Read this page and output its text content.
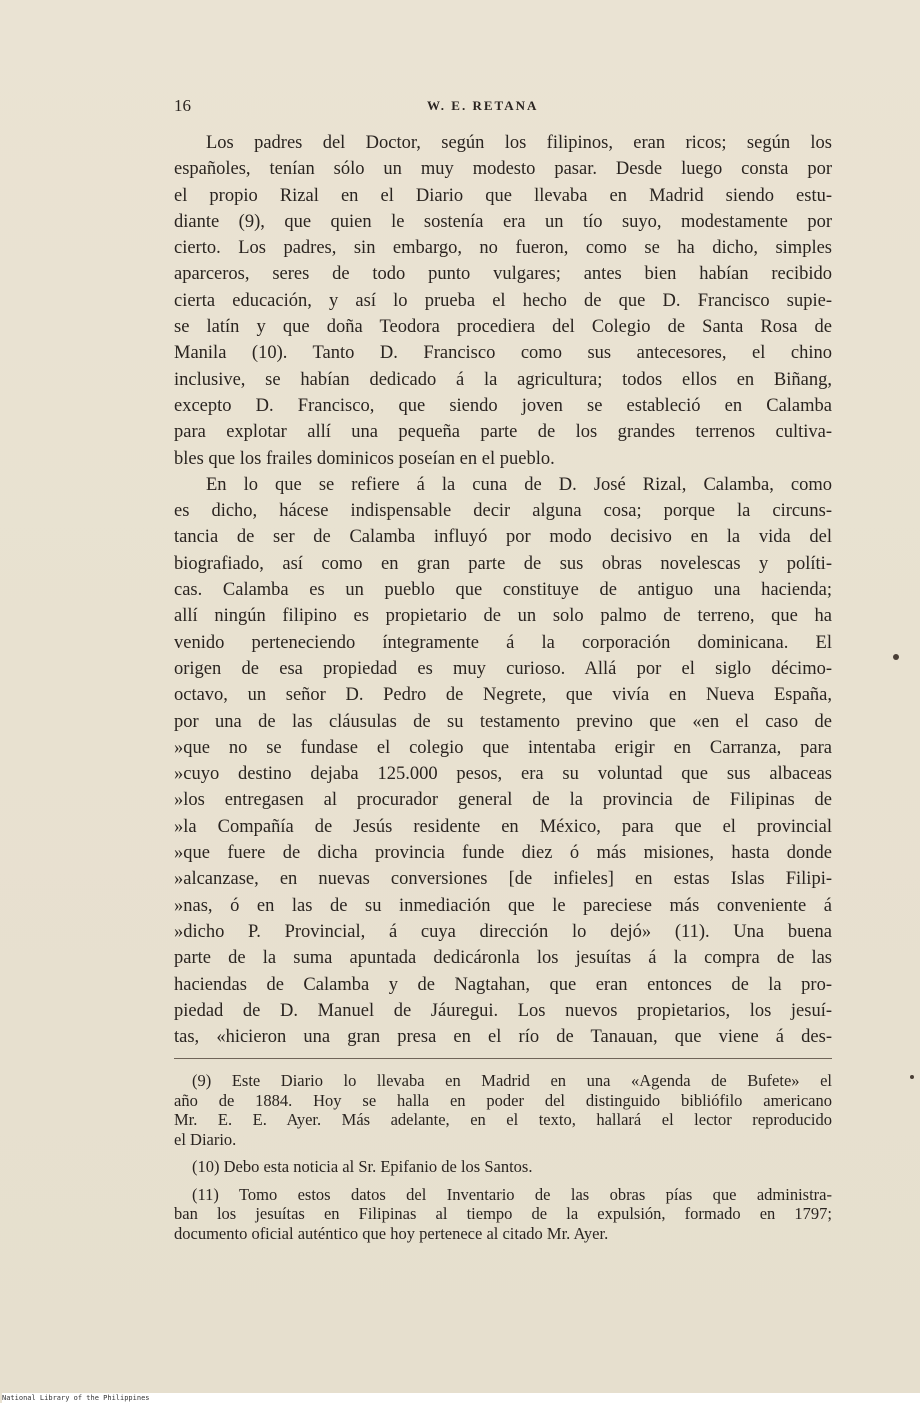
16	W. E. RETANA
Los padres del Doctor, según los filipinos, eran ricos; según los
españoles, tenían sólo un muy modesto pasar. Desde luego consta por
el propio Rizal en el Diario que llevaba en Madrid siendo estu-
diante (9), que quien le sostenía era un tío suyo, modestamente por
cierto. Los padres, sin embargo, no fueron, como se ha dicho, simples
aparceros, seres de todo punto vulgares; antes bien habían recibido
cierta educación, y así lo prueba el hecho de que D. Francisco supie-
se latín y que doña Teodora procediera del Colegio de Santa Rosa de
Manila (10). Tanto D. Francisco como sus antecesores, el chino
inclusive, se habían dedicado á la agricultura; todos ellos en Biñang,
excepto D. Francisco, que siendo joven se estableció en Calamba
para explotar allí una pequeña parte de los grandes terrenos cultiva-
bles que los frailes dominicos poseían en el pueblo.
En lo que se refiere á la cuna de D. José Rizal, Calamba, como
es dicho, hácese indispensable decir alguna cosa; porque la circuns-
tancia de ser de Calamba influyó por modo decisivo en la vida del
biografiado, así como en gran parte de sus obras novelescas y políti-
cas. Calamba es un pueblo que constituye de antiguo una hacienda;
allí ningún filipino es propietario de un solo palmo de terreno, que ha
venido perteneciendo íntegramente á la corporación dominicana. El
origen de esa propiedad es muy curioso. Allá por el siglo décimo-
octavo, un señor D. Pedro de Negrete, que vivía en Nueva España,
por una de las cláusulas de su testamento previno que «en el caso de
»que no se fundase el colegio que intentaba erigir en Carranza, para
»cuyo destino dejaba 125.000 pesos, era su voluntad que sus albaceas
»los entregasen al procurador general de la provincia de Filipinas de
»la Compañía de Jesús residente en México, para que el provincial
»que fuere de dicha provincia funde diez ó más misiones, hasta donde
»alcanzase, en nuevas conversiones [de infieles] en estas Islas Filipi-
»nas, ó en las de su inmediación que le pareciese más conveniente á
»dicho P. Provincial, á cuya dirección lo dejó» (11). Una buena
parte de la suma apuntada dedicáronla los jesuítas á la compra de las
haciendas de Calamba y de Nagtahan, que eran entonces de la pro-
piedad de D. Manuel de Jáuregui. Los nuevos propietarios, los jesuí-
tas, «hicieron una gran presa en el río de Tanauan, que viene á des-
(9) Este Diario lo llevaba en Madrid en una «Agenda de Bufete» el
año de 1884. Hoy se halla en poder del distinguido bibliófilo americano
Mr. E. E. Ayer. Más adelante, en el texto, hallará el lector reproducido
el Diario.
(10) Debo esta noticia al Sr. Epifanio de los Santos.
(11) Tomo estos datos del Inventario de las obras pías que administra-
ban los jesuítas en Filipinas al tiempo de la expulsión, formado en 1797;
documento oficial auténtico que hoy pertenece al citado Mr. Ayer.
National Library of the Philippines
